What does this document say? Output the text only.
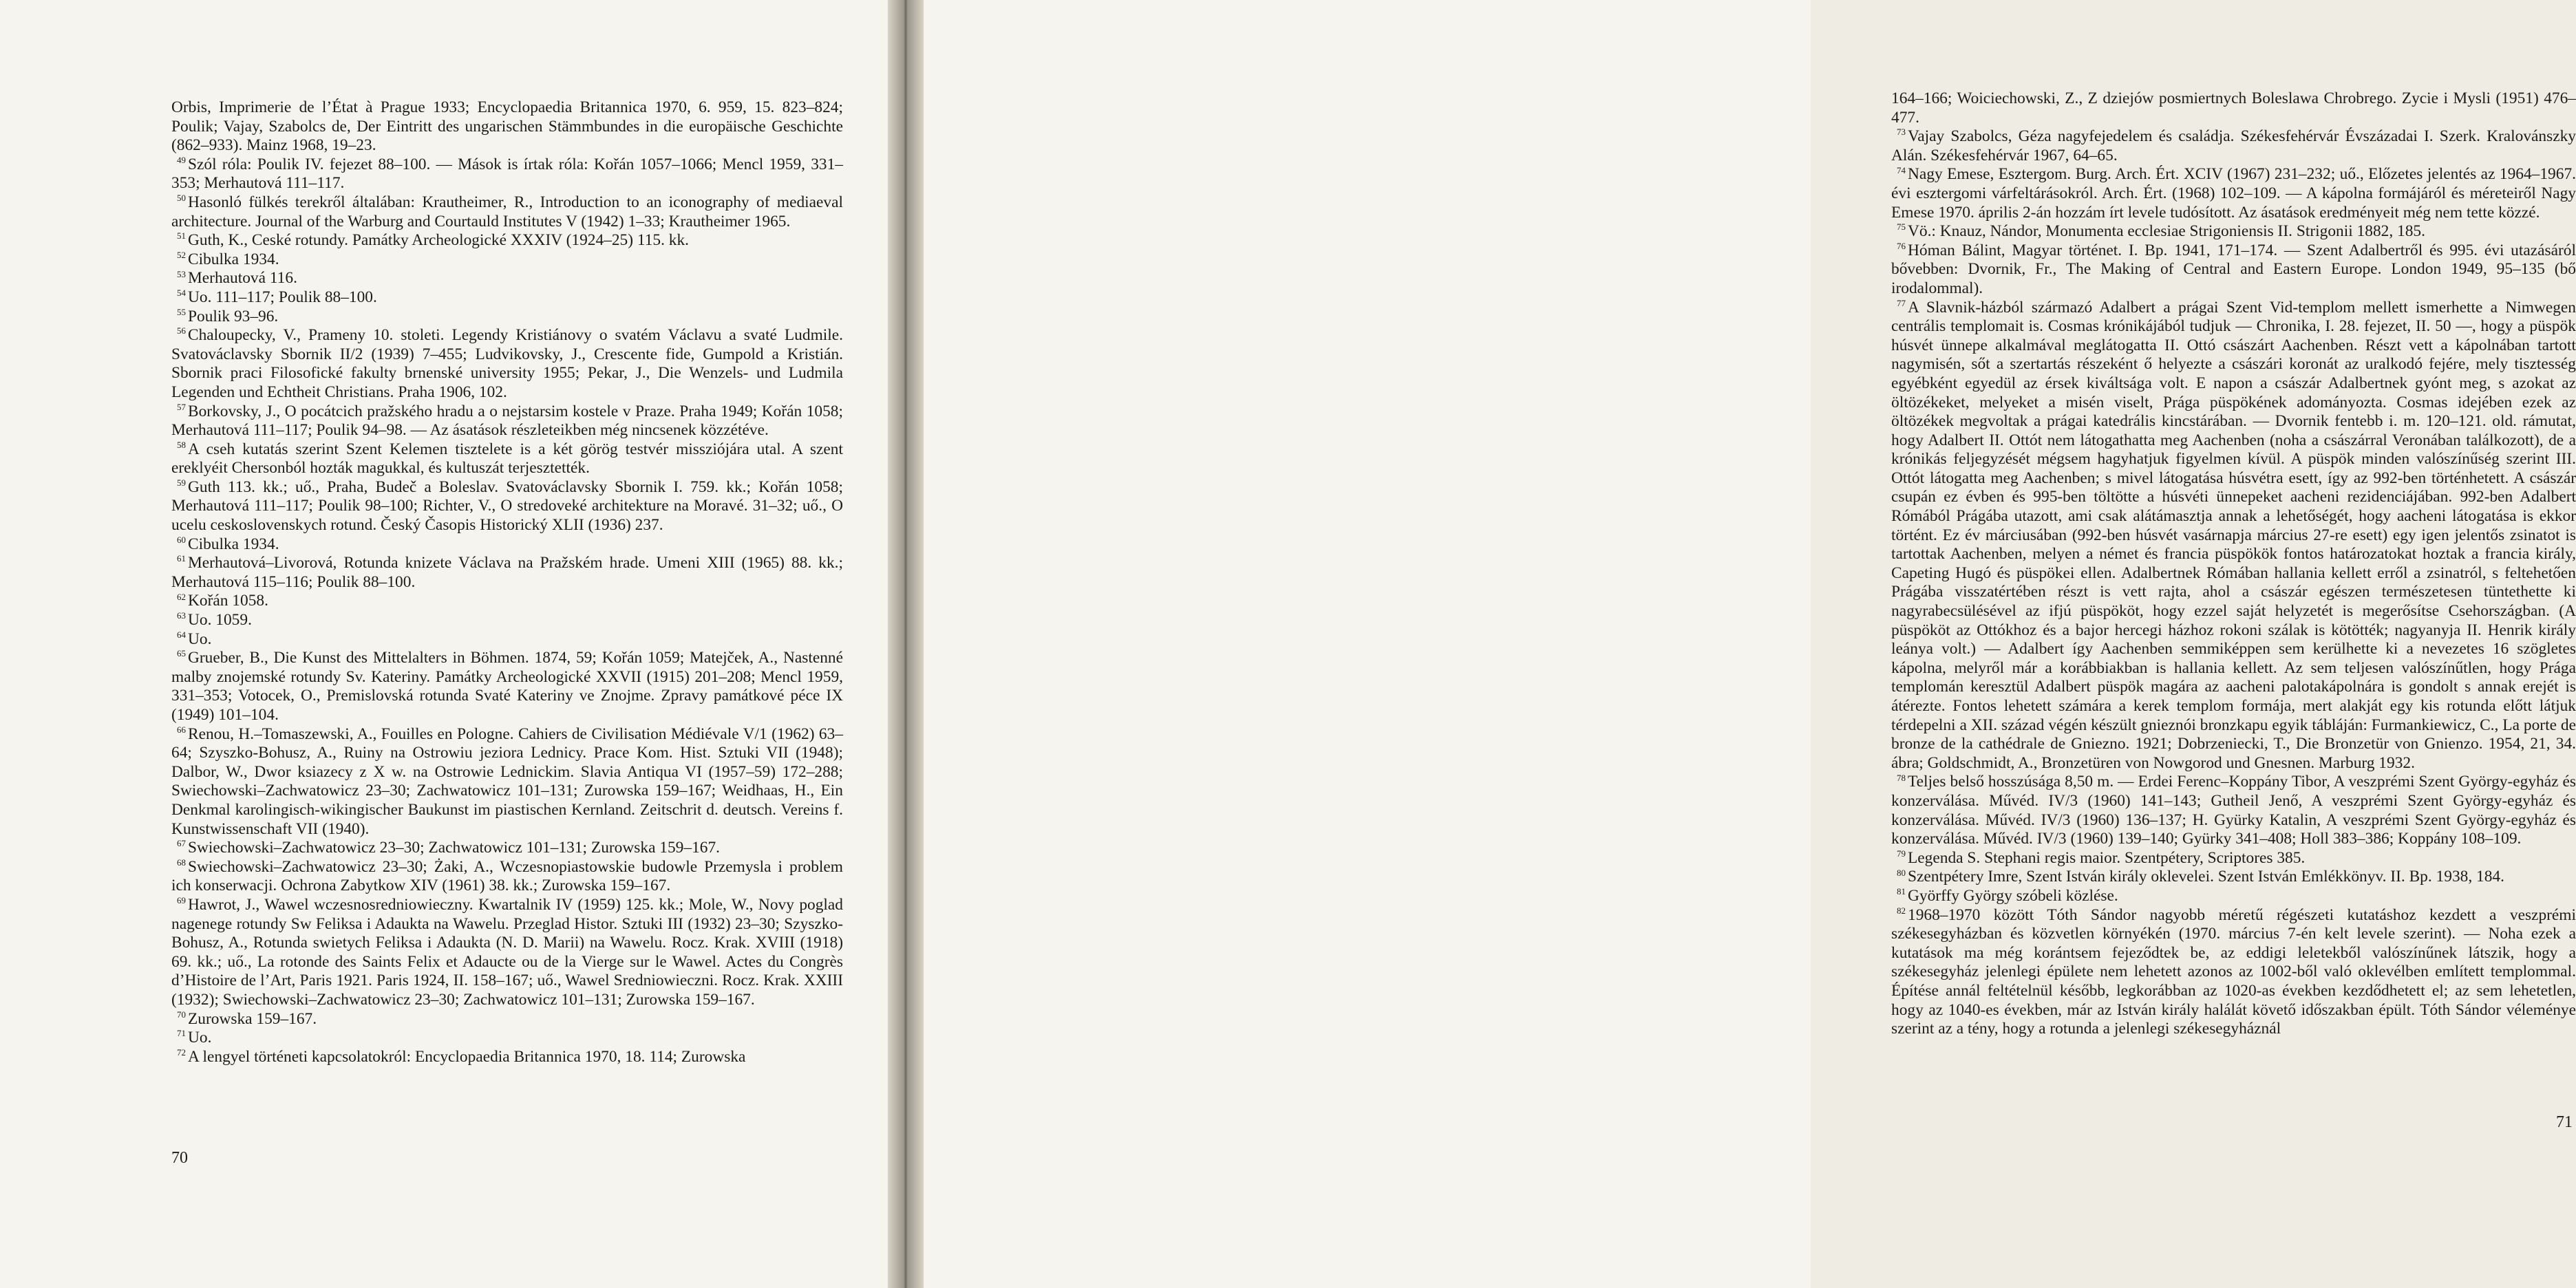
Orbis, Imprimerie de l’État à Prague 1933; Encyclopaedia Britannica 1970, 6. 959, 15. 823–824; Poulik; Vajay, Szabolcs de, Der Eintritt des ungarischen Stämmbundes in die europäische Geschichte (862–933). Mainz 1968, 19–23.

$^{49}$ Szól róla: Poulik IV. fejezet 88–100. — Mások is írtak róla: Kořán 1057–1066; Mencl 1959, 331–353; Merhautová 111–117.

$^{50}$ Hasonló fülkés terekről általában: Krautheimer, R., Introduction to an iconography of mediaeval architecture. Journal of the Warburg and Courtauld Institutes V (1942) 1–33; Krautheimer 1965.

$^{51}$ Guth, K., Ceské rotundy. Památky Archeologické XXXIV (1924–25) 115. kk.

$^{52}$ Cibulka 1934.

$^{53}$ Merhautová 116.

$^{54}$ Uo. 111–117; Poulik 88–100.

$^{55}$ Poulik 93–96.

$^{56}$ Chaloupecky, V., Prameny 10. stoleti. Legendy Kristiánovy o svatém Václavu a svaté Ludmile. Svatováclavsky Sbornik II/2 (1939) 7–455; Ludvikovsky, J., Crescente fide, Gumpold a Kristián. Sbornik praci Filosofické fakulty brnenské university 1955; Pekar, J., Die Wenzels- und Ludmila Legenden und Echtheit Christians. Praha 1906, 102.

$^{57}$ Borkovsky, J., O pocátcich pražského hradu a o nejstarsim kostele v Praze. Praha 1949; Kořán 1058; Merhautová 111–117; Poulik 94–98. — Az ásatások részleteikben még nincsenek közzétéve.

$^{58}$ A cseh kutatás szerint Szent Kelemen tisztelete is a két görög testvér missziójára utal. A szent ereklyéit Chersonból hozták magukkal, és kultuszát terjesztették.

$^{59}$ Guth 113. kk.; uő., Praha, Budeč a Boleslav. Svatováclavsky Sbornik I. 759. kk.; Kořán 1058; Merhautová 111–117; Poulik 98–100; Richter, V., O stredoveké architekture na Moravé. 31–32; uő., O ucelu ceskoslovenskych rotund. Český Časopis Historický XLII (1936) 237.

$^{60}$ Cibulka 1934.

$^{61}$ Merhautová–Livorová, Rotunda knizete Václava na Pražském hrade. Umeni XIII (1965) 88. kk.; Merhautová 115–116; Poulik 88–100.

$^{62}$ Kořán 1058.

$^{63}$ Uo. 1059.

$^{64}$ Uo.

$^{65}$ Grueber, B., Die Kunst des Mittelalters in Böhmen. 1874, 59; Kořán 1059; Matejček, A., Nastenné malby znojemské rotundy Sv. Kateriny. Památky Archeologické XXVII (1915) 201–208; Mencl 1959, 331–353; Votocek, O., Premislovská rotunda Svaté Kateriny ve Znojme. Zpravy památkové péce IX (1949) 101–104.

$^{66}$ Renou, H.–Tomaszewski, A., Fouilles en Pologne. Cahiers de Civilisation Médiévale V/1 (1962) 63–64; Szyszko-Bohusz, A., Ruiny na Ostrowiu jeziora Lednicy. Prace Kom. Hist. Sztuki VII (1948); Dalbor, W., Dwor ksiazecy z X w. na Ostrowie Lednickim. Slavia Antiqua VI (1957–59) 172–288; Swiechowski–Zachwatowicz 23–30; Zachwatowicz 101–131; Zurowska 159–167; Weidhaas, H., Ein Denkmal karolingisch-wikingischer Baukunst im piastischen Kernland. Zeitschrit d. deutsch. Vereins f. Kunstwissenschaft VII (1940).

$^{67}$ Swiechowski–Zachwatowicz 23–30; Zachwatowicz 101–131; Zurowska 159–167.

$^{68}$ Swiechowski–Zachwatowicz 23–30; Żaki, A., Wczesnopiastowskie budowle Przemysla i problem ich konserwacji. Ochrona Zabytkow XIV (1961) 38. kk.; Zurowska 159–167.

$^{69}$ Hawrot, J., Wawel wczesnosredniowieczny. Kwartalnik IV (1959) 125. kk.; Mole, W., Novy poglad nagenege rotundy Sw Feliksa i Adaukta na Wawelu. Przeglad Histor. Sztuki III (1932) 23–30; Szyszko-Bohusz, A., Rotunda swietych Feliksa i Adaukta (N. D. Marii) na Wawelu. Rocz. Krak. XVIII (1918) 69. kk.; uő., La rotonde des Saints Felix et Adaucte ou de la Vierge sur le Wawel. Actes du Congrès d’Histoire de l’Art, Paris 1921. Paris 1924, II. 158–167; uő., Wawel Sredniowieczni. Rocz. Krak. XXIII (1932); Swiechowski–Zachwatowicz 23–30; Zachwatowicz 101–131; Zurowska 159–167.

$^{70}$ Zurowska 159–167.

$^{71}$ Uo.

$^{72}$ A lengyel történeti kapcsolatokról: Encyclopaedia Britannica 1970, 18. 114; Zurowska

70

164–166; Woiciechowski, Z., Z dziejów posmiertnych Boleslawa Chrobrego. Zycie i Mysli (1951) 476–477.

$^{73}$ Vajay Szabolcs, Géza nagyfejedelem és családja. Székesfehérvár Évszázadai I. Szerk. Kralovánszky Alán. Székesfehérvár 1967, 64–65.

$^{74}$ Nagy Emese, Esztergom. Burg. Arch. Ért. XCIV (1967) 231–232; uő., Előzetes jelentés az 1964–1967. évi esztergomi várfeltárásokról. Arch. Ért. (1968) 102–109. — A kápolna formájáról és méreteiről Nagy Emese 1970. április 2-án hozzám írt levele tudósított. Az ásatások eredményeit még nem tette közzé.

$^{75}$ Vö.: Knauz, Nándor, Monumenta ecclesiae Strigoniensis II. Strigonii 1882, 185.

$^{76}$ Hóman Bálint, Magyar történet. I. Bp. 1941, 171–174. — Szent Adalbertről és 995. évi utazásáról bővebben: Dvornik, Fr., The Making of Central and Eastern Europe. London 1949, 95–135 (bő irodalommal).

$^{77}$ A Slavnik-házból származó Adalbert a prágai Szent Vid-templom mellett ismerhette a Nimwegen centrális templomait is. Cosmas krónikájából tudjuk — Chronika, I. 28. fejezet, II. 50 —, hogy a püspök húsvét ünnepe alkalmával meglátogatta II. Ottó császárt Aachenben. Részt vett a kápolnában tartott nagymisén, sőt a szertartás részeként ő helyezte a császári koronát az uralkodó fejére, mely tisztesség egyébként egyedül az érsek kiváltsága volt. E napon a császár Adalbertnek gyónt meg, s azokat az öltözékeket, melyeket a misén viselt, Prága püspökének adományozta. Cosmas idejében ezek az öltözékek megvoltak a prágai katedrális kincstárában. — Dvornik fentebb i. m. 120–121. old. rámutat, hogy Adalbert II. Ottót nem látogathatta meg Aachenben (noha a császárral Veronában találkozott), de a krónikás feljegyzését mégsem hagyhatjuk figyelmen kívül. A püspök minden valószínűség szerint III. Ottót látogatta meg Aachenben; s mivel látogatása húsvétra esett, így az 992-ben történhetett. A császár csupán ez évben és 995-ben töltötte a húsvéti ünnepeket aacheni rezidenciájában. 992-ben Adalbert Rómából Prágába utazott, ami csak alátámasztja annak a lehetőségét, hogy aacheni látogatása is ekkor történt. Ez év márciusában (992-ben húsvét vasárnapja március 27-re esett) egy igen jelentős zsinatot is tartottak Aachenben, melyen a német és francia püspökök fontos határozatokat hoztak a francia király, Capeting Hugó és püspökei ellen. Adalbertnek Rómában hallania kellett erről a zsinatról, s feltehetően Prágába visszatértében részt is vett rajta, ahol a császár egészen természetesen tüntethette ki nagyrabecsülésével az ifjú püspököt, hogy ezzel saját helyzetét is megerősítse Csehországban. (A püspököt az Ottókhoz és a bajor hercegi házhoz rokoni szálak is kötötték; nagyanyja II. Henrik király leánya volt.) — Adalbert így Aachenben semmiképpen sem kerülhette ki a nevezetes 16 szögletes kápolna, melyről már a korábbiakban is hallania kellett. Az sem teljesen valószínűtlen, hogy Prága templomán keresztül Adalbert püspök magára az aacheni palotakápolnára is gondolt s annak erejét is átérezte. Fontos lehetett számára a kerek templom formája, mert alakját egy kis rotunda előtt látjuk térdepelni a XII. század végén készült gnieznói bronzkapu egyik tábláján: Furmankiewicz, C., La porte de bronze de la cathédrale de Gniezno. 1921; Dobrzeniecki, T., Die Bronzetür von Gnienzo. 1954, 21, 34. ábra; Goldschmidt, A., Bronzetüren von Nowgorod und Gnesnen. Marburg 1932.

$^{78}$ Teljes belső hosszúsága 8,50 m. — Erdei Ferenc–Koppány Tibor, A veszprémi Szent György-egyház és konzerválása. Művéd. IV/3 (1960) 141–143; Gutheil Jenő, A veszprémi Szent György-egyház és konzerválása. Művéd. IV/3 (1960) 136–137; H. Gyürky Katalin, A veszprémi Szent György-egyház és konzerválása. Művéd. IV/3 (1960) 139–140; Gyürky 341–408; Holl 383–386; Koppány 108–109.

$^{79}$ Legenda S. Stephani regis maior. Szentpétery, Scriptores 385.

$^{80}$ Szentpétery Imre, Szent István király oklevelei. Szent István Emlékkönyv. II. Bp. 1938, 184.

$^{81}$ Györffy György szóbeli közlése.

$^{82}$ 1968–1970 között Tóth Sándor nagyobb méretű régészeti kutatáshoz kezdett a veszprémi székesegyházban és közvetlen környékén (1970. március 7-én kelt levele szerint). — Noha ezek a kutatások ma még korántsem fejeződtek be, az eddigi leletekből valószínűnek látszik, hogy a székesegyház jelenlegi épülete nem lehetett azonos az 1002-ből való oklevélben említett templommal. Építése annál feltételnül később, legkorábban az 1020-as években kezdődhetett el; az sem lehetetlen, hogy az 1040-es években, már az István király halálát követő időszakban épült. Tóth Sándor véleménye szerint az a tény, hogy a rotunda a jelenlegi székesegyháznál

71
